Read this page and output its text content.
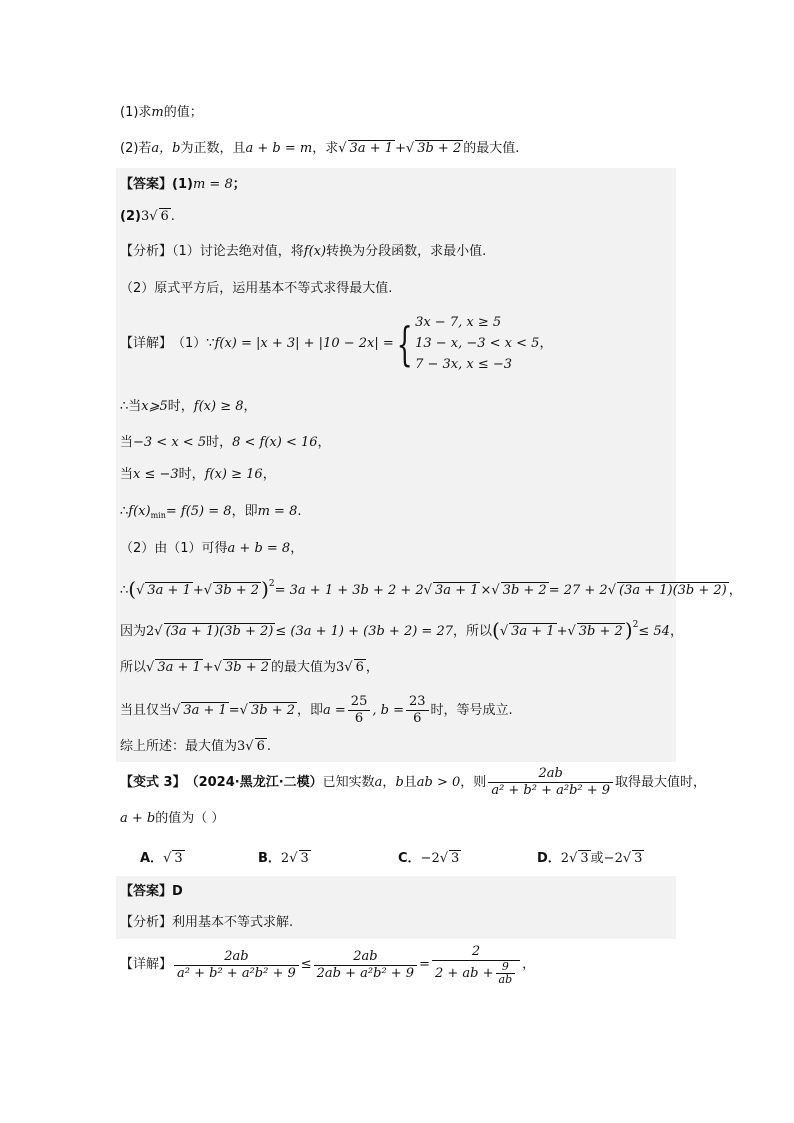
(1)求m的值；
(2)若a，b为正数，且a + b = m，求√ 3a + 1 +√ 3b + 2 的最大值.
【答案】(1)m = 8；
(2)3√ 6 .
【分析】（1）讨论去绝对值，将f(x)转换为分段函数，求最小值.
（2）原式平方后，运用基本不等式求得最大值.
【详解】（1）∵f(x) = |x + 3| + |10 − 2x| ={ 3x − 7, x ≥ 5
13 − x, −3 < x < 5
7 − 3x, x ≤ −3
，
∴当x⩾5时，f(x) ≥ 8，
当−3 < x < 5时，8 < f(x) < 16，
当x ≤ −3时，f(x) ≥ 16，
$\therefore f(x)_{min}= f(5) = 8$，即m = 8.
（2）由（1）可得a + b = 8，
∴(√ 3a + 1 +√ 3b + 2 )$^2$= 3a + 1 + 3b + 2 + 2√ 3a + 1 ×√ 3b + 2 = 27 + 2√ (3a + 1)(3b + 2) ，
因为2√ (3a + 1)(3b + 2) ≤ (3a + 1) + (3b + 2) = 27，所以(√ 3a + 1 +√ 3b + 2 )$^2$≤ 54，
所以√ 3a + 1 +√ 3b + 2 的最大值为3√ 6 ，
当且仅当√ 3a + 1 =√ 3b + 2 ，即$a = \frac{25}{6}$ , $b = \frac{23}{6}$ 时，等号成立.
综上所述：最大值为3√ 6 .
【变式 3】（2024·黑龙江·二模）已知实数a，b且ab > 0，则 $\frac{2ab}{\text{a² + b² + a²b² + 9}}$ 取得最大值时，
a + b的值为（ ）
A．√ 3	B．2√ 3	C．−2√ 3	D．2√ 3 或−2√ 3
【答案】D
【分析】利用基本不等式求解.
【详解】 $\frac{2ab}{\text{a² + b² + a²b² + 9}} \le \frac{2ab}{\text{2ab + a²b² + 9}} = \frac{2}{2 + ab + \frac{9}{ab}}$ ，
